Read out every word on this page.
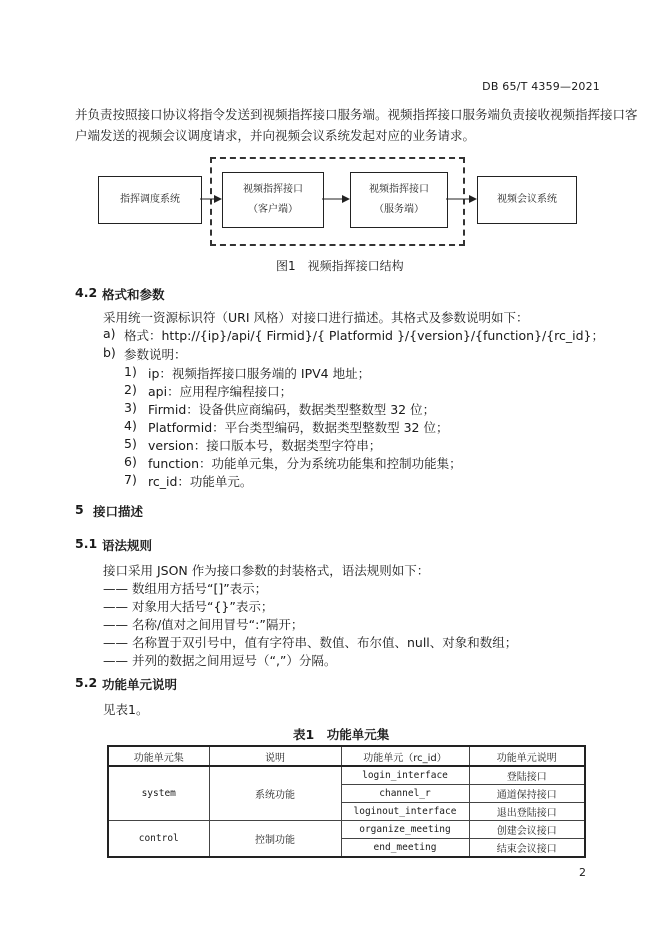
DB 65/T 4359—2021
并负责按照接口协议将指令发送到视频指挥接口服务端。视频指挥接口服务端负责接收视频指挥接口客
户端发送的视频会议调度请求，并向视频会议系统发起对应的业务请求。
指挥调度系统
视频指挥接口
（客户端）
视频指挥接口
（服务端）
视频会议系统
图1　视频指挥接口结构
4.2 格式和参数
采用统一资源标识符（URI 风格）对接口进行描述。其格式及参数说明如下：
a) 格式：http://{ip}/api/{ Firmid}/{ Platformid }/{version}/{function}/{rc_id}；
b) 参数说明：
1) ip：视频指挥接口服务端的 IPV4 地址；
2) api：应用程序编程接口；
3) Firmid：设备供应商编码，数据类型整数型 32 位；
4) Platformid：平台类型编码，数据类型整数型 32 位；
5) version：接口版本号，数据类型字符串；
6) function：功能单元集，分为系统功能集和控制功能集；
7) rc_id：功能单元。
5 接口描述
5.1 语法规则
接口采用 JSON 作为接口参数的封装格式，语法规则如下：
—— 数组用方括号“[]”表示；
—— 对象用大括号“{}”表示；
—— 名称/值对之间用冒号“:”隔开；
—— 名称置于双引号中，值有字符串、数值、布尔值、null、对象和数组；
—— 并列的数据之间用逗号（“,”）分隔。
5.2 功能单元说明
见表1。
表1　功能单元集
功能单元集	说明	功能单元（rc_id）	功能单元说明
system	系统功能	login_interface	登陆接口
		channel_r	通道保持接口
		loginout_interface	退出登陆接口
control	控制功能	organize_meeting	创建会议接口
		end_meeting	结束会议接口
2
